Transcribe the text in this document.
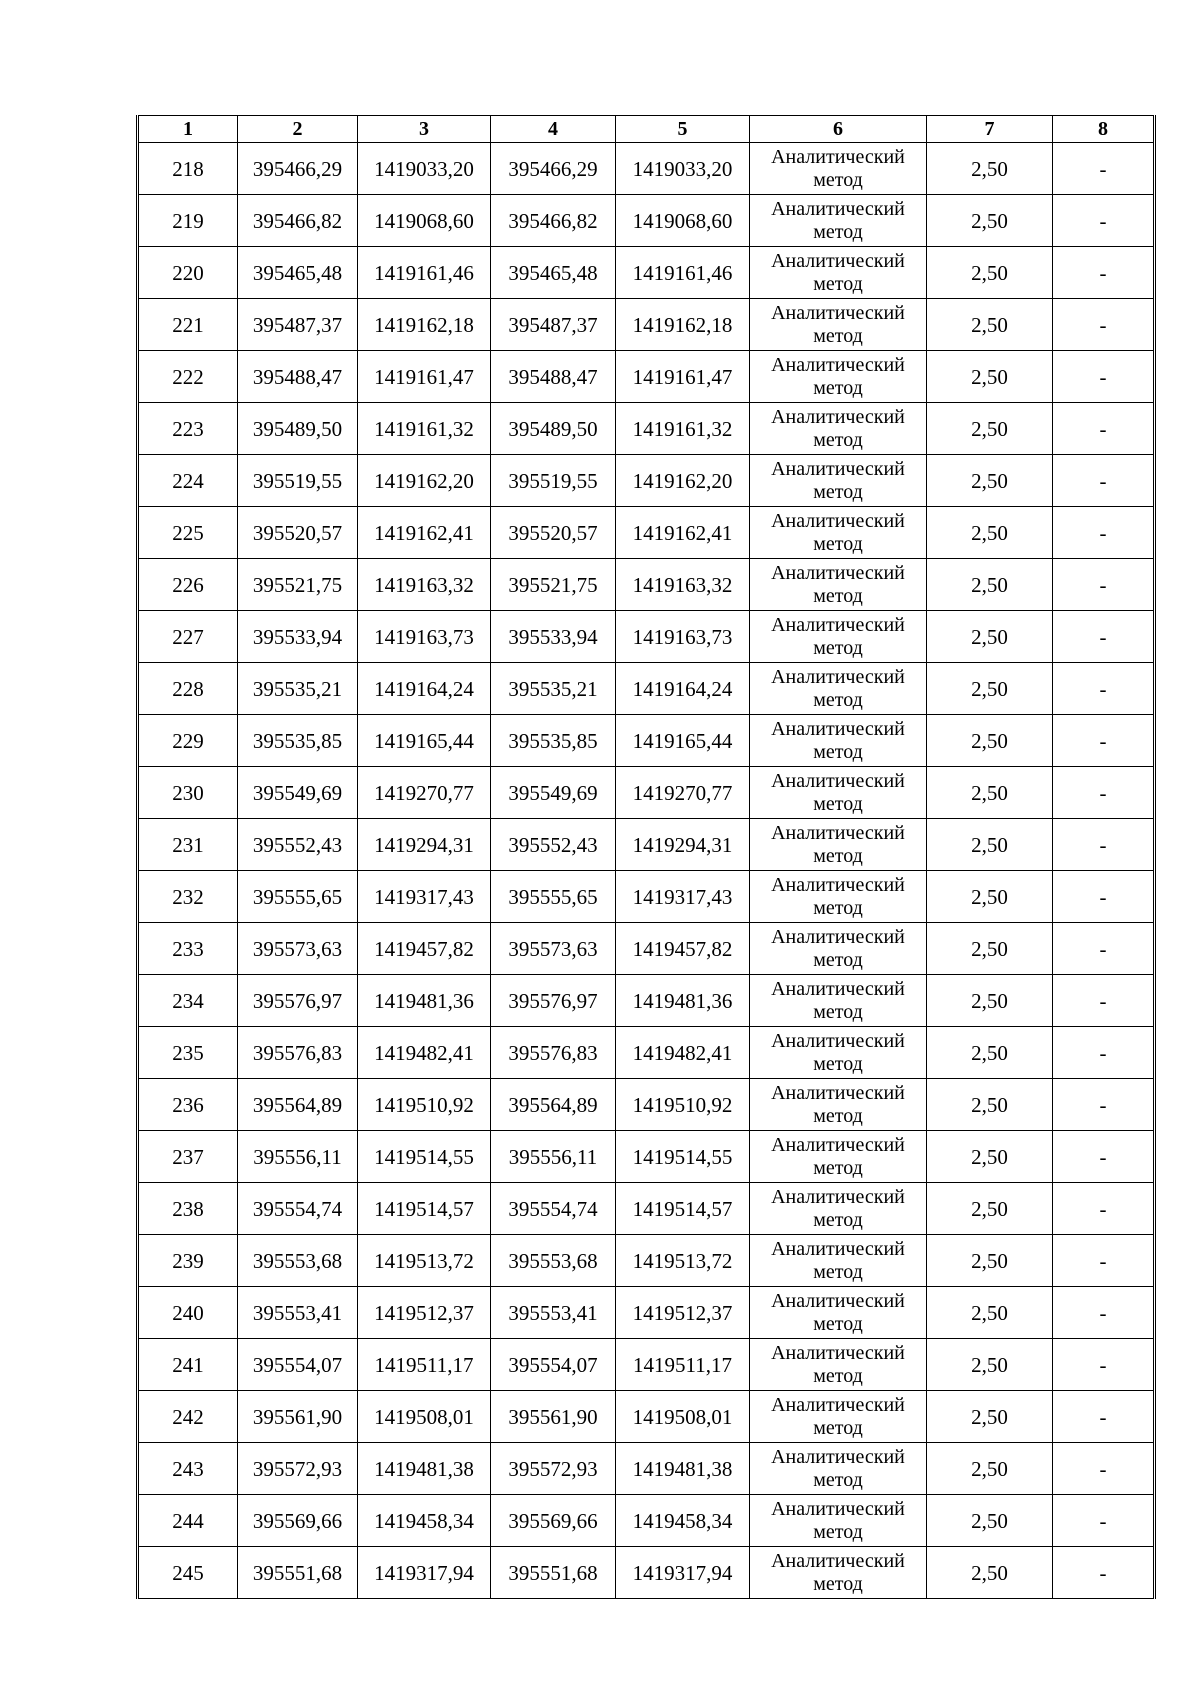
1	2	3	4	5	6	7	8
218	395466,29	1419033,20	395466,29	1419033,20	Аналитический метод	2,50	-
219	395466,82	1419068,60	395466,82	1419068,60	Аналитический метод	2,50	-
220	395465,48	1419161,46	395465,48	1419161,46	Аналитический метод	2,50	-
221	395487,37	1419162,18	395487,37	1419162,18	Аналитический метод	2,50	-
222	395488,47	1419161,47	395488,47	1419161,47	Аналитический метод	2,50	-
223	395489,50	1419161,32	395489,50	1419161,32	Аналитический метод	2,50	-
224	395519,55	1419162,20	395519,55	1419162,20	Аналитический метод	2,50	-
225	395520,57	1419162,41	395520,57	1419162,41	Аналитический метод	2,50	-
226	395521,75	1419163,32	395521,75	1419163,32	Аналитический метод	2,50	-
227	395533,94	1419163,73	395533,94	1419163,73	Аналитический метод	2,50	-
228	395535,21	1419164,24	395535,21	1419164,24	Аналитический метод	2,50	-
229	395535,85	1419165,44	395535,85	1419165,44	Аналитический метод	2,50	-
230	395549,69	1419270,77	395549,69	1419270,77	Аналитический метод	2,50	-
231	395552,43	1419294,31	395552,43	1419294,31	Аналитический метод	2,50	-
232	395555,65	1419317,43	395555,65	1419317,43	Аналитический метод	2,50	-
233	395573,63	1419457,82	395573,63	1419457,82	Аналитический метод	2,50	-
234	395576,97	1419481,36	395576,97	1419481,36	Аналитический метод	2,50	-
235	395576,83	1419482,41	395576,83	1419482,41	Аналитический метод	2,50	-
236	395564,89	1419510,92	395564,89	1419510,92	Аналитический метод	2,50	-
237	395556,11	1419514,55	395556,11	1419514,55	Аналитический метод	2,50	-
238	395554,74	1419514,57	395554,74	1419514,57	Аналитический метод	2,50	-
239	395553,68	1419513,72	395553,68	1419513,72	Аналитический метод	2,50	-
240	395553,41	1419512,37	395553,41	1419512,37	Аналитический метод	2,50	-
241	395554,07	1419511,17	395554,07	1419511,17	Аналитический метод	2,50	-
242	395561,90	1419508,01	395561,90	1419508,01	Аналитический метод	2,50	-
243	395572,93	1419481,38	395572,93	1419481,38	Аналитический метод	2,50	-
244	395569,66	1419458,34	395569,66	1419458,34	Аналитический метод	2,50	-
245	395551,68	1419317,94	395551,68	1419317,94	Аналитический метод	2,50	-
